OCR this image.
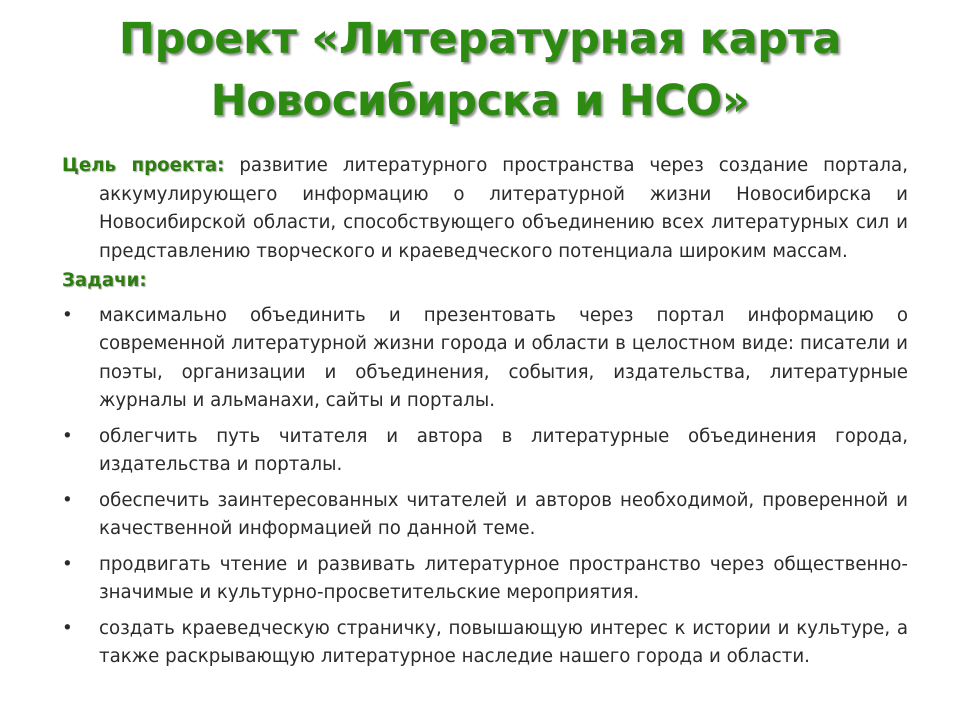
Проект «Литературная карта
Новосибирска и НСО»

Цель проекта: развитие литературного пространства через создание портала, аккумулирующего информацию о литературной жизни Новосибирска и Новосибирской области, способствующего объединению всех литературных сил и представлению творческого и краеведческого потенциала широким массам.

Задачи:
• максимально объединить и презентовать через портал информацию о современной литературной жизни города и области в целостном виде: писатели и поэты, организации и объединения, события, издательства, литературные журналы и альманахи, сайты и порталы.
• облегчить путь читателя и автора в литературные объединения города, издательства и порталы.
• обеспечить заинтересованных читателей и авторов необходимой, проверенной и качественной информацией по данной теме.
• продвигать чтение и развивать литературное пространство через общественно-значимые и культурно-просветительские мероприятия.
• создать краеведческую страничку, повышающую интерес к истории и культуре, а также раскрывающую литературное наследие нашего города и области.
